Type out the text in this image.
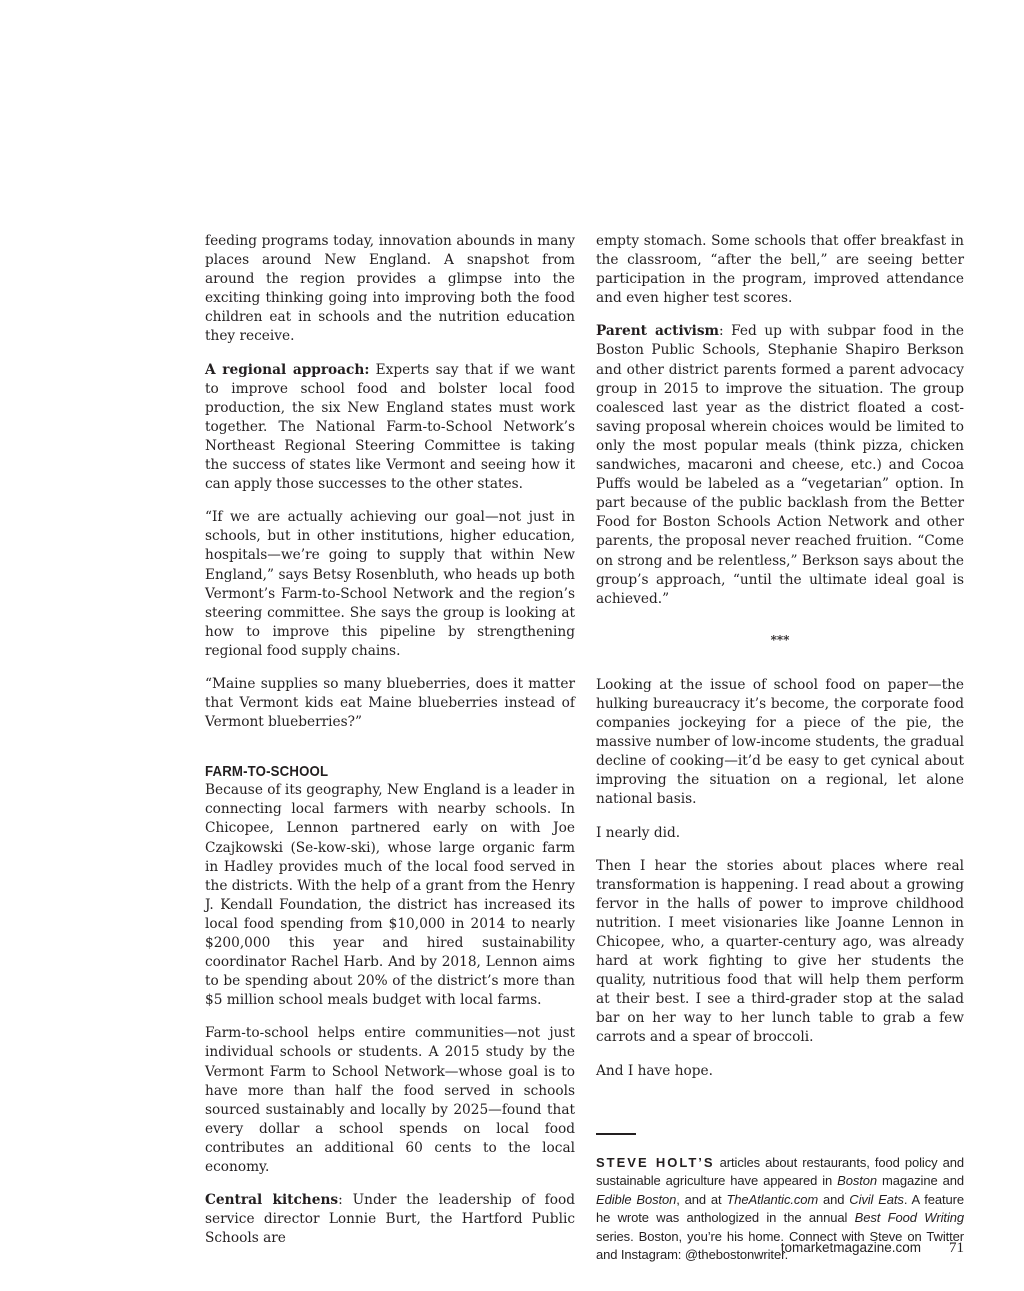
feeding programs today, innovation abounds in many places around New England. A snapshot from around the region provides a glimpse into the exciting thinking going into improving both the food children eat in schools and the nutrition education they receive.

A regional approach: Experts say that if we want to improve school food and bolster local food production, the six New England states must work together. The National Farm-to-School Network’s Northeast Regional Steering Committee is taking the success of states like Vermont and seeing how it can apply those successes to the other states.

“If we are actually achieving our goal—not just in schools, but in other institutions, higher education, hospitals—we’re going to supply that within New England,” says Betsy Rosenbluth, who heads up both Vermont’s Farm-to-School Network and the region’s steering committee. She says the group is looking at how to improve this pipeline by strengthening regional food supply chains.

“Maine supplies so many blueberries, does it matter that Vermont kids eat Maine blueberries instead of Vermont blueberries?”

FARM-TO-SCHOOL

Because of its geography, New England is a leader in connecting local farmers with nearby schools. In Chicopee, Lennon partnered early on with Joe Czajkowski (Se-kow-ski), whose large organic farm in Hadley provides much of the local food served in the districts. With the help of a grant from the Henry J. Kendall Foundation, the district has increased its local food spending from $10,000 in 2014 to nearly $200,000 this year and hired sustainability coordinator Rachel Harb. And by 2018, Lennon aims to be spending about 20% of the district’s more than $5 million school meals budget with local farms.

Farm-to-school helps entire communities—not just individual schools or students. A 2015 study by the Vermont Farm to School Network—whose goal is to have more than half the food served in schools sourced sustainably and locally by 2025—found that every dollar a school spends on local food contributes an additional 60 cents to the local economy.

Central kitchens: Under the leadership of food service director Lonnie Burt, the Hartford Public Schools are

empty stomach. Some schools that offer breakfast in the classroom, “after the bell,” are seeing better participation in the program, improved attendance and even higher test scores.

Parent activism: Fed up with subpar food in the Boston Public Schools, Stephanie Shapiro Berkson and other district parents formed a parent advocacy group in 2015 to improve the situation. The group coalesced last year as the district floated a cost-saving proposal wherein choices would be limited to only the most popular meals (think pizza, chicken sandwiches, macaroni and cheese, etc.) and Cocoa Puffs would be labeled as a “vegetarian” option. In part because of the public backlash from the Better Food for Boston Schools Action Network and other parents, the proposal never reached fruition. “Come on strong and be relentless,” Berkson says about the group’s approach, “until the ultimate ideal goal is achieved.”

***

Looking at the issue of school food on paper—the hulking bureaucracy it’s become, the corporate food companies jockeying for a piece of the pie, the massive number of low-income students, the gradual decline of cooking—it’d be easy to get cynical about improving the situation on a regional, let alone national basis.

I nearly did.

Then I hear the stories about places where real transformation is happening. I read about a growing fervor in the halls of power to improve childhood nutrition. I meet visionaries like Joanne Lennon in Chicopee, who, a quarter-century ago, was already hard at work fighting to give her students the quality, nutritious food that will help them perform at their best. I see a third-grader stop at the salad bar on her way to her lunch table to grab a few carrots and a spear of broccoli.

And I have hope.

STEVE HOLT’S articles about restaurants, food policy and sustainable agriculture have appeared in Boston magazine and Edible Boston, and at TheAtlantic.com and Civil Eats. A feature he wrote was anthologized in the annual Best Food Writing series. Boston, you’re his home. Connect with Steve on Twitter and Instagram: @thebostonwriter.
tomarketmagazine.com 71
